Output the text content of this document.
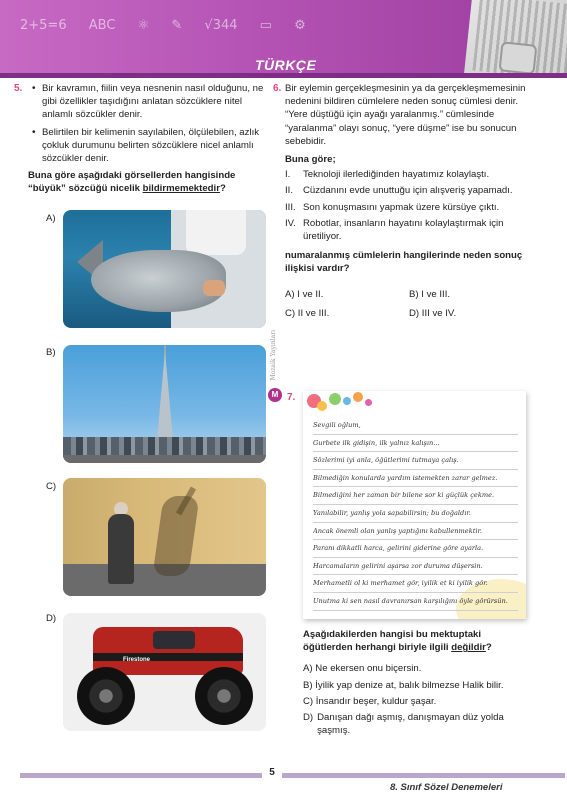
2+5=6 ABC ⚛ ✎ √344 ▭ ⚙
TÜRKÇE
Mozaik Yayınları
M
5.
• Bir kavramın, fiilin veya nesnenin nasıl olduğunu, ne gibi özellikler taşıdığını anlatan sözcüklere nitel anlamlı sözcükler denir.
• Belirtilen bir kelimenin sayılabilen, ölçülebilen, azlık çokluk durumunu belirten sözcüklere nicel anlamlı sözcükler denir.

Buna göre aşağıdaki görsellerden hangisinde “büyük” sözcüğü nicelik bildirmemektedir?

A)
B)
C)
D)
Firestone
6. Bir eylemin gerçekleşmesinin ya da gerçekleşmemesinin nedenini bildiren cümlelere neden sonuç cümlesi denir. “Yere düştüğü için ayağı yaralanmış.” cümlesinde “yaralanma” olayı sonuç, “yere düşme” ise bu sonucun sebebidir.

Buna göre;

I.	Teknoloji ilerlediğinden hayatımız kolaylaştı.
II.	Cüzdanını evde unuttuğu için alışveriş yapamadı.
III. Son konuşmasını yapmak üzere kürsüye çıktı.
IV. Robotlar, insanların hayatını kolaylaştırmak için üretiliyor.

numaralanmış cümlelerin hangilerinde neden sonuç ilişkisi vardır?

A) I ve II.	B) I ve III.
C) II ve III.	D) III ve IV.
7.
Sevgili oğlum,
Gurbete ilk gidişin, ilk yalnız kalışın...
Sözlerimi iyi anla, öğütlerimi tutmaya çalış.
Bilmediğin konularda yardım istemekten zarar gelmez.
Bilmediğini her zaman bir bilene sor ki güçlük çekme.
Yanılabilir, yanlış yola sapabilirsin; bu doğaldır.
Ancak önemli olan yanlış yaptığını kabullenmektir.
Paranı dikkatli harca, gelirini giderine göre ayarla.
Harcamaların gelirini aşarsa zor duruma düşersin.
Merhametli ol ki merhamet gör, iyilik et ki iyilik gör.
Unutma ki sen nasıl davranırsan karşılığını öyle görürsün.

Aşağıdakilerden hangisi bu mektuptaki öğütlerden herhangi biriyle ilgili değildir?

A) Ne ekersen onu biçersin.
B) İyilik yap denize at, balık bilmezse Halik bilir.
C) İnsandır beşer, kuldur şaşar.
D) Danışan dağı aşmış, danışmayan düz yolda şaşmış.
5
8. Sınıf Sözel Denemeleri
